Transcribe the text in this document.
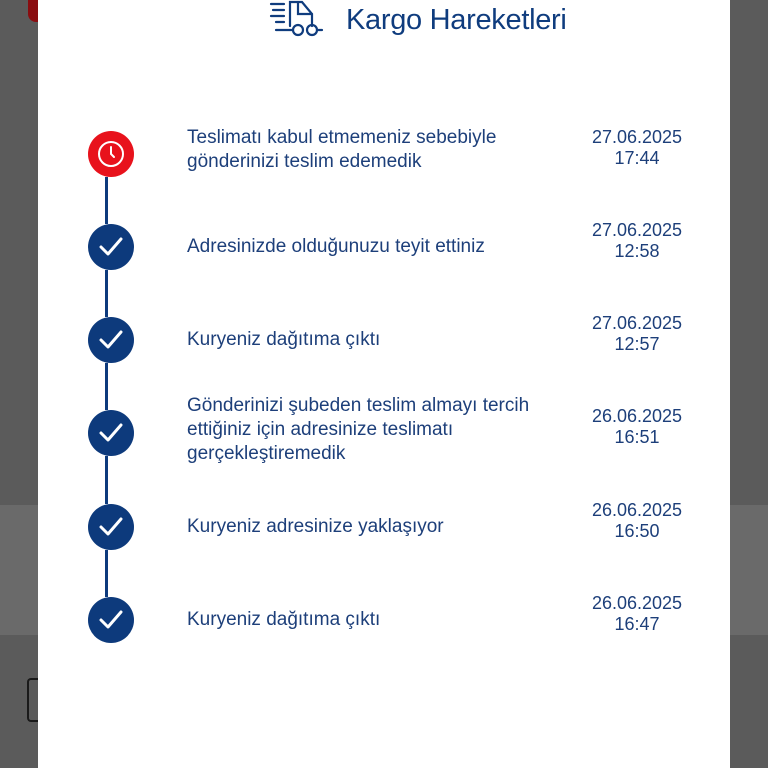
Kargo Hareketleri
Teslimatı kabul etmemeniz sebebiyle gönderinizi teslim edemedik
27.06.2025
17:44
Adresinizde olduğunuzu teyit ettiniz
27.06.2025
12:58
Kuryeniz dağıtıma çıktı
27.06.2025
12:57
Gönderinizi şubeden teslim almayı tercih ettiğiniz için adresinize teslimatı gerçekleştiremedik
26.06.2025
16:51
Kuryeniz adresinize yaklaşıyor
26.06.2025
16:50
Kuryeniz dağıtıma çıktı
26.06.2025
16:47
